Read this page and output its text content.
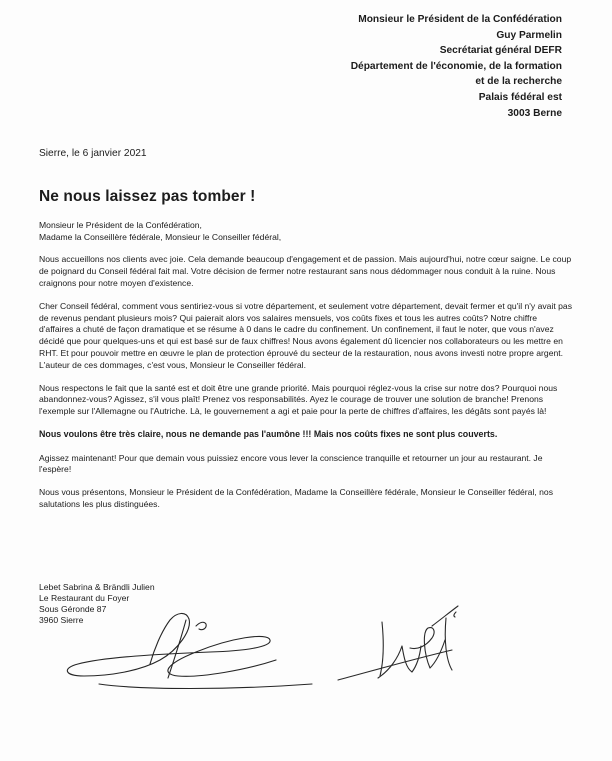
Monsieur le Président de la Confédération
Guy Parmelin
Secrétariat général DEFR
Département de l'économie, de la formation
et de la recherche
Palais fédéral est
3003 Berne
Sierre, le 6 janvier 2021
Ne nous laissez pas tomber !

Monsieur le Président de la Confédération,
Madame la Conseillère fédérale, Monsieur le Conseiller fédéral,

Nous accueillons nos clients avec joie. Cela demande beaucoup d'engagement et de passion. Mais aujourd'hui, notre cœur saigne. Le coup de poignard du Conseil fédéral fait mal. Votre décision de fermer notre restaurant sans nous dédommager nous conduit à la ruine. Nous craignons pour notre moyen d'existence.

Cher Conseil fédéral, comment vous sentiriez-vous si votre département, et seulement votre département, devait fermer et qu'il n'y avait pas de revenus pendant plusieurs mois? Qui paierait alors vos salaires mensuels, vos coûts fixes et tous les autres coûts? Notre chiffre d'affaires a chuté de façon dramatique et se résume à 0 dans le cadre du confinement. Un confinement, il faut le noter, que vous n'avez décidé que pour quelques-uns et qui est basé sur de faux chiffres! Nous avons également dû licencier nos collaborateurs ou les mettre en RHT. Et pour pouvoir mettre en œuvre le plan de protection éprouvé du secteur de la restauration, nous avons investi notre propre argent. L'auteur de ces dommages, c'est vous, Monsieur le Conseiller fédéral.

Nous respectons le fait que la santé est et doit être une grande priorité. Mais pourquoi réglez-vous la crise sur notre dos? Pourquoi nous abandonnez-vous? Agissez, s'il vous plaît! Prenez vos responsabilités. Ayez le courage de trouver une solution de branche! Prenons l'exemple sur l'Allemagne ou l'Autriche. Là, le gouvernement a agi et paie pour la perte de chiffres d'affaires, les dégâts sont payés là!

Nous voulons être très claire, nous ne demande pas l'aumône !!! Mais nos coûts fixes ne sont plus couverts.

Agissez maintenant! Pour que demain vous puissiez encore vous lever la conscience tranquille et retourner un jour au restaurant. Je l'espère!

Nous vous présentons, Monsieur le Président de la Confédération, Madame la Conseillère fédérale, Monsieur le Conseiller fédéral, nos salutations les plus distinguées.

Lebet Sabrina & Brändli Julien
Le Restaurant du Foyer
Sous Géronde 87
3960 Sierre
